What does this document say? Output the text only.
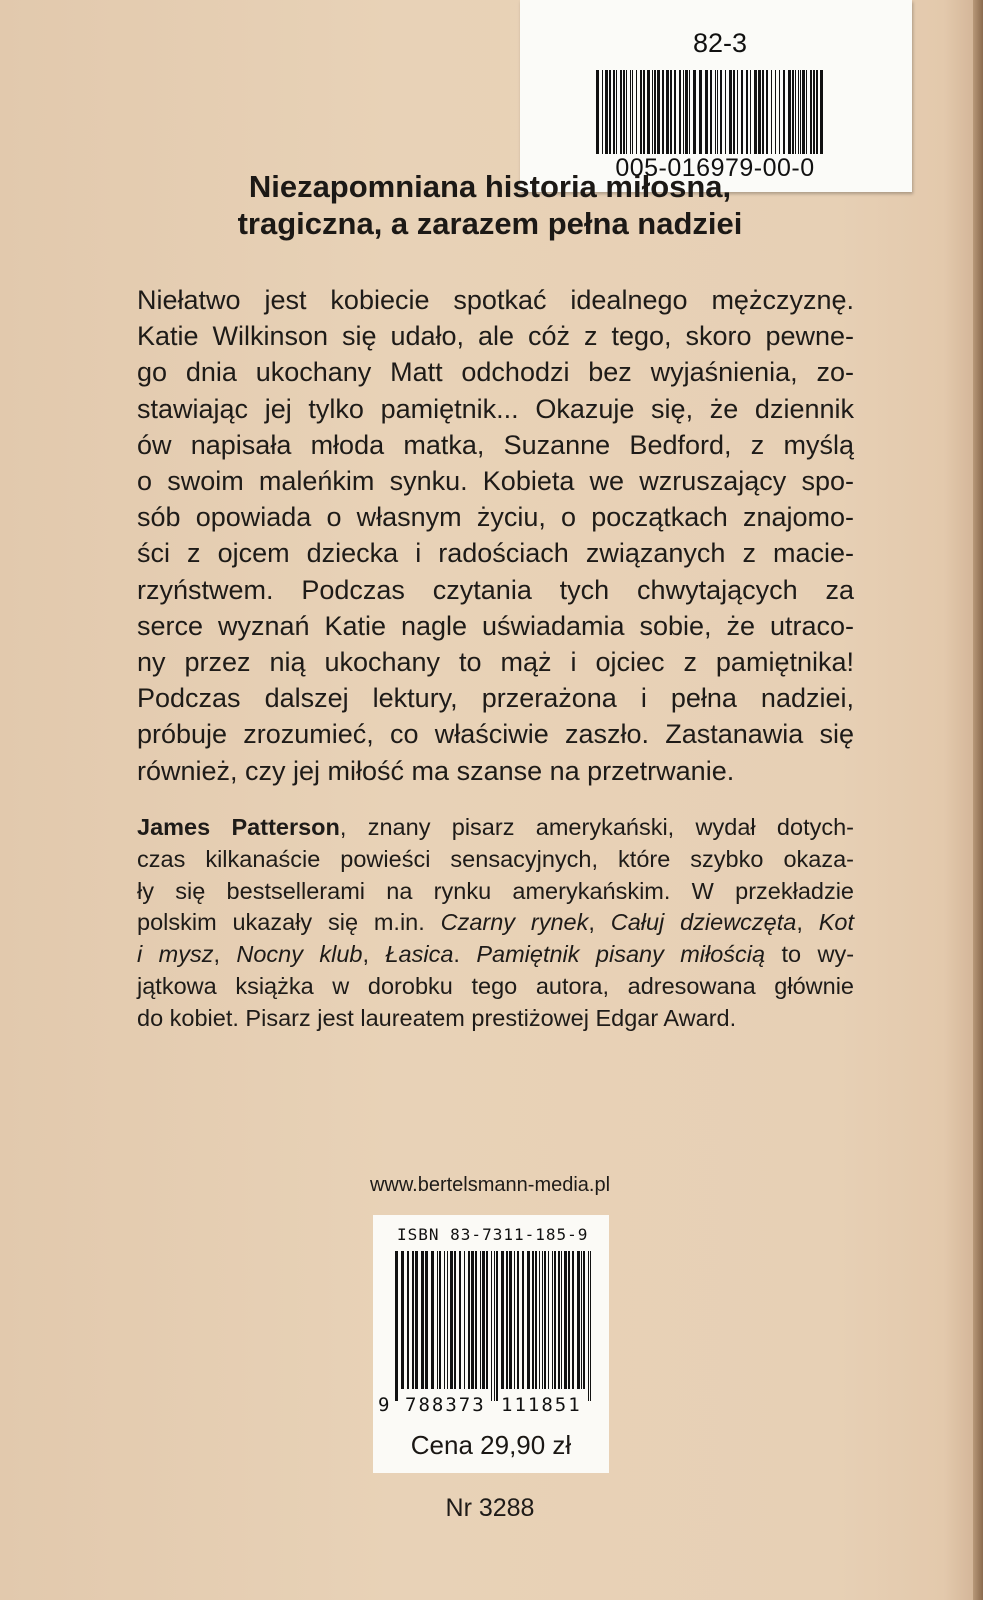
82-3
005-016979-00-0
Niezapomniana historia miłosna,
tragiczna, a zarazem pełna nadziei
Niełatwo jest kobiecie spotkać idealnego mężczyznę.
Katie Wilkinson się udało, ale cóż z tego, skoro pewne-
go dnia ukochany Matt odchodzi bez wyjaśnienia, zo-
stawiając jej tylko pamiętnik... Okazuje się, że dziennik
ów napisała młoda matka, Suzanne Bedford, z myślą
o swoim maleńkim synku. Kobieta we wzruszający spo-
sób opowiada o własnym życiu, o początkach znajomo-
ści z ojcem dziecka i radościach związanych z macie-
rzyństwem. Podczas czytania tych chwytających za
serce wyznań Katie nagle uświadamia sobie, że utraco-
ny przez nią ukochany to mąż i ojciec z pamiętnika!
Podczas dalszej lektury, przerażona i pełna nadziei,
próbuje zrozumieć, co właściwie zaszło. Zastanawia się
również, czy jej miłość ma szanse na przetrwanie.
James Patterson, znany pisarz amerykański, wydał dotych-
czas kilkanaście powieści sensacyjnych, które szybko okaza-
ły się bestsellerami na rynku amerykańskim. W przekładzie
polskim ukazały się m.in. Czarny rynek, Całuj dziewczęta, Kot
i mysz, Nocny klub, Łasica. Pamiętnik pisany miłością to wy-
jątkowa książka w dorobku tego autora, adresowana głównie
do kobiet. Pisarz jest laureatem prestiżowej Edgar Award.
www.bertelsmann-media.pl
ISBN 83-7311-185-9
9 788373 111851
Cena 29,90 zł
Nr 3288
